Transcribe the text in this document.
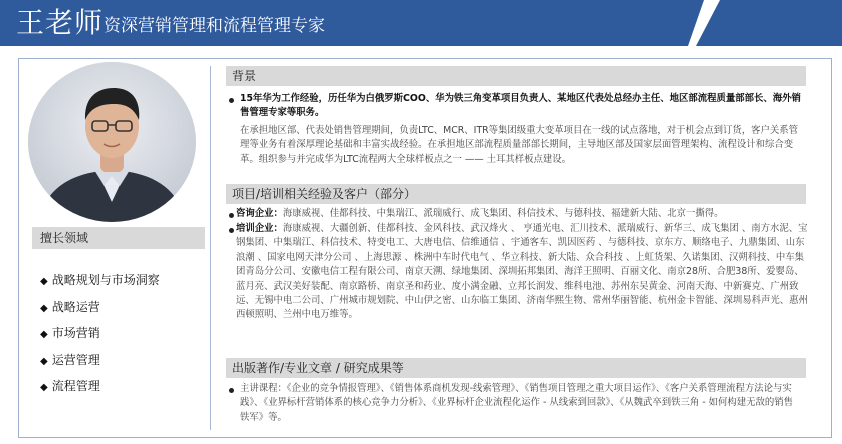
王老师 资深营销管理和流程管理专家
擅长领域
◆ 战略规划与市场洞察
◆ 战略运营
◆ 市场营销
◆ 运营管理
◆ 流程管理
背景
15年华为工作经验，历任华为白俄罗斯COO、华为铁三角变革项目负责人、某地区代表处总经办主任、地区部流程质量部部长、海外销售管理专家等职务。
在承担地区部、代表处销售管理期间，负责LTC、MCR、ITR等集团级重大变革项目在一线的试点落地，对于机会点到订货，客户关系管理等业务有着深厚理论基础和丰富实战经验。在承担地区部流程质量部部长期间，主导地区部及国家层面管理架构、流程设计和综合变革。组织参与并完成华为LTC流程两大全球样板点之一 —— 土耳其样板点建设。
项目/培训相关经验及客户（部分）
咨询企业：海康威视、佳都科技、中集瑞江、派瑞威行、成飞集团、科信技术、与德科技、福建新大陆、北京一撕得。
培训企业：海康威视、大疆创新、佳都科技、金风科技、武汉烽火 、 亨通光电、汇川技术、派瑞威行、新华三、成飞集团 、南方水泥、宝钢集团、中集瑞江、科信技术、特变电工、大唐电信、信维通信 、宇通客车、凯因医药 、与德科技、京东方、顺络电子、九鼎集团、山东浪潮 、国家电网天津分公司 、上海思源 、株洲中车时代电气 、华立科技、新大陆、众合科技 、上虹货架、久诺集团、汉朔科技、中车集团青岛分公司、安徽电信工程有限公司、南京天溯、绿地集团、深圳拓邦集团、海洋王照明、百丽文化、南京28所、合肥38所、爱婴岛、蓝月亮、武汉美好装配、南京路桥、南京圣和药业、度小满金融、立邦长润发、维科电池、苏州东吴黄金、河南天海、中新赛克、广州致远、无锡中电二公司、广州城市规划院、中山伊之密、山东临工集团、济南华熙生物、常州华丽智能、杭州金卡智能、深圳易科声光、惠州西顿照明、兰州中电万维等。
出版著作/专业文章 / 研究成果等
主讲课程：《企业的竞争情报管理》、《销售体系商机发现-线索管理》、《销售项目管理之重大项目运作》、《客户关系管理流程方法论与实践》、《业界标杆营销体系的核心竞争力分析》、《业界标杆企业流程化运作 - 从线索到回款》、《从魏武卒到铁三角 - 如何构建无敌的销售铁军》等。
